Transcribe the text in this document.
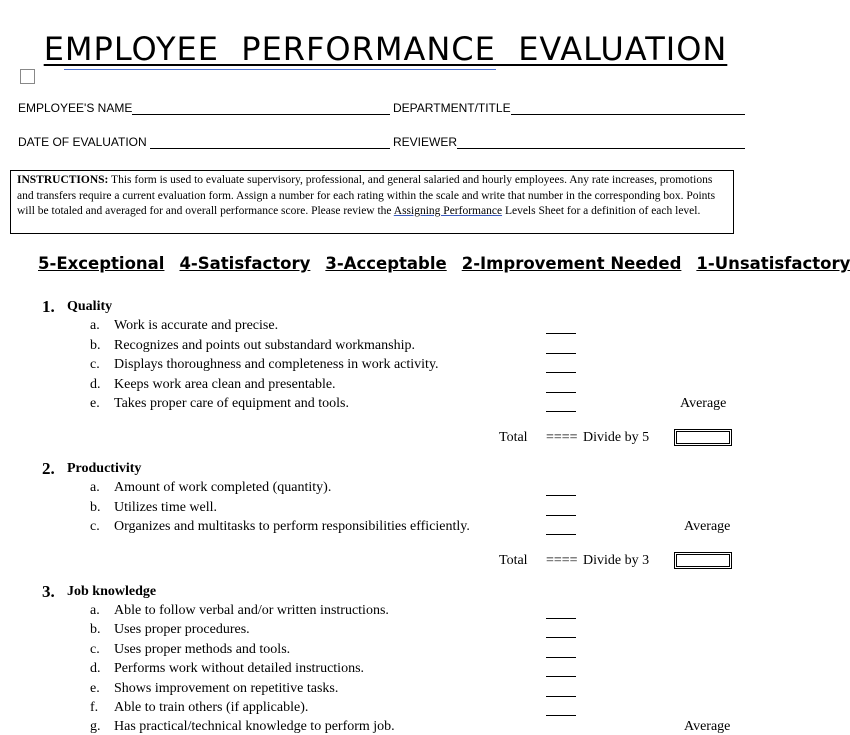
EMPLOYEE  PERFORMANCE  EVALUATION
EMPLOYEE'S NAME	DEPARTMENT/TITLE
DATE OF EVALUATION	REVIEWER
INSTRUCTIONS: This form is used to evaluate supervisory, professional, and general salaried and hourly employees. Any rate increases, promotions and transfers require a current evaluation form. Assign a number for each rating within the scale and write that number in the corresponding box. Points will be totaled and averaged for and overall performance score. Please review the Assigning Performance Levels Sheet for a definition of each level.
5-Exceptional 4-Satisfactory 3-Acceptable 2-Improvement Needed 1-Unsatisfactory
1. Quality
a. Work is accurate and precise.
b. Recognizes and points out substandard workmanship.
c. Displays thoroughness and completeness in work activity.
d. Keeps work area clean and presentable.
e. Takes proper care of equipment and tools.	Average
Total ==== Divide by 5
2. Productivity
a. Amount of work completed (quantity).
b. Utilizes time well.
c. Organizes and multitasks to perform responsibilities efficiently.	Average
Total ==== Divide by 3
3. Job knowledge
a. Able to follow verbal and/or written instructions.
b. Uses proper procedures.
c. Uses proper methods and tools.
d. Performs work without detailed instructions.
e. Shows improvement on repetitive tasks.
f. Able to train others (if applicable).
g. Has practical/technical knowledge to perform job.	Average
